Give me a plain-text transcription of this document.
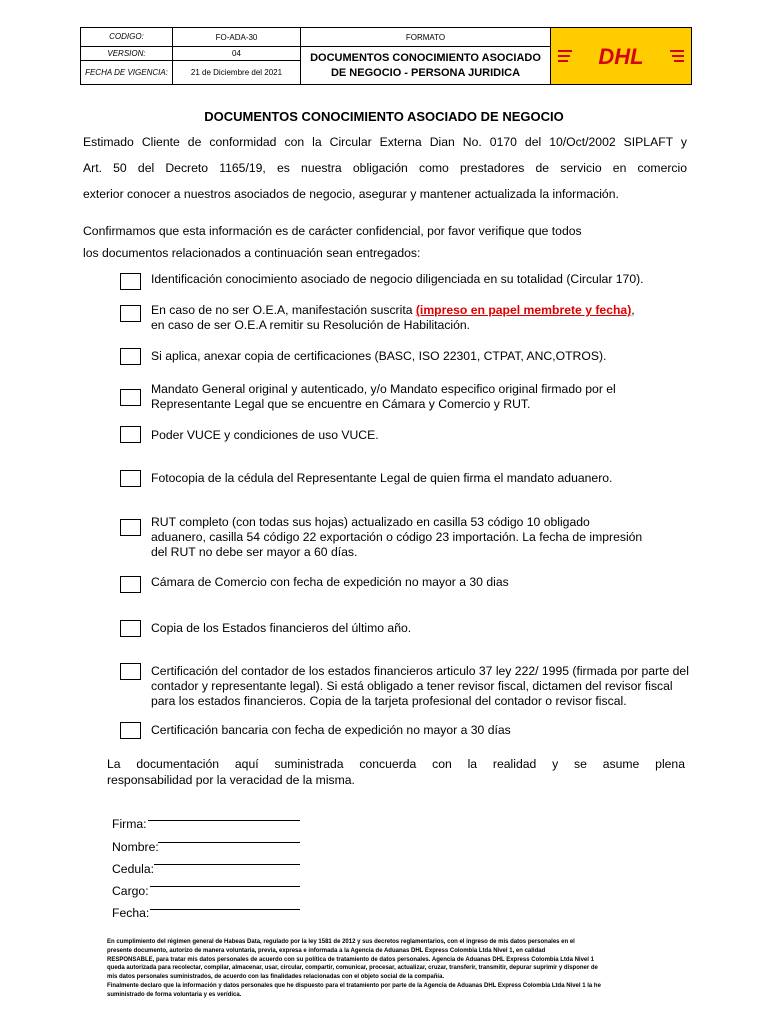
CODIGO:	FO-ADA-30	FORMATO	DHL

VERSION:	04	DOCUMENTOS CONOCIMIENTO ASOCIADO
DE NEGOCIO - PERSONA JURIDICA	

FECHA DE VIGENCIA:	21 de Diciembre del 2021		
DOCUMENTOS CONOCIMIENTO ASOCIADO DE NEGOCIO
Estimado Cliente de conformidad con la Circular Externa Dian No. 0170 del 10/Oct/2002 SIPLAFT y
Art. 50 del Decreto 1165/19, es nuestra obligación como prestadores de servicio en comercio
exterior conocer a nuestros asociados de negocio, asegurar y mantener actualizada la información.
Confirmamos que esta información es de carácter confidencial, por favor verifique que todos
los documentos relacionados a continuación sean entregados:
Identificación conocimiento asociado de negocio diligenciada en su totalidad (Circular 170).
En caso de no ser O.E.A, manifestación suscrita (impreso en papel membrete y fecha),
en caso de ser O.E.A remitir su Resolución de Habilitación.
Si aplica, anexar copia de certificaciones (BASC, ISO 22301, CTPAT, ANC,OTROS).
Mandato General original y autenticado, y/o Mandato especifico original firmado por el
Representante Legal que se encuentre en Cámara y Comercio y RUT.
Poder VUCE y condiciones de uso VUCE.
Fotocopia de la cédula del Representante Legal de quien firma el mandato aduanero.
RUT completo (con todas sus hojas) actualizado en casilla 53 código 10 obligado
aduanero, casilla 54 código 22 exportación o código 23 importación. La fecha de impresión
del RUT no debe ser mayor a 60 días.
Cámara de Comercio con fecha de expedición no mayor a 30 dias
Copia de los Estados financieros del último año.
Certificación del contador de los estados financieros articulo 37 ley 222/ 1995 (firmada por parte del
contador y representante legal). Si está obligado a tener revisor fiscal, dictamen del revisor fiscal
para los estados financieros. Copia de la tarjeta profesional del contador o revisor fiscal.
Certificación bancaria con fecha de expedición no mayor a 30 días
La documentación aquí suministrada concuerda con la realidad y se asume plena
responsabilidad por la veracidad de la misma.
Firma:
Nombre:
Cedula:
Cargo:
Fecha:
En cumplimiento del régimen general de Habeas Data, regulado por la ley 1581 de 2012 y sus decretos reglamentarios, con el ingreso de mis datos personales en el
presente documento, autorizo de manera voluntaria, previa, expresa e informada a la Agencia de Aduanas DHL Express Colombia Ltda Nivel 1, en calidad
RESPONSABLE, para tratar mis datos personales de acuerdo con su política de tratamiento de datos personales. Agencia de Aduanas DHL Express Colombia Ltda Nivel 1
queda autorizada para recolectar, compilar, almacenar, usar, circular, compartir, comunicar, procesar, actualizar, cruzar, transferir, transmitir, depurar suprimir y disponer de
mis datos personales suministrados, de acuerdo con las finalidades relacionadas con el objeto social de la compañía.
Finalmente declaro que la información y datos personales que he dispuesto para el tratamiento por parte de la Agencia de Aduanas DHL Express Colombia Ltda Nivel 1 la he
suministrado de forma voluntaria y es verídica.
